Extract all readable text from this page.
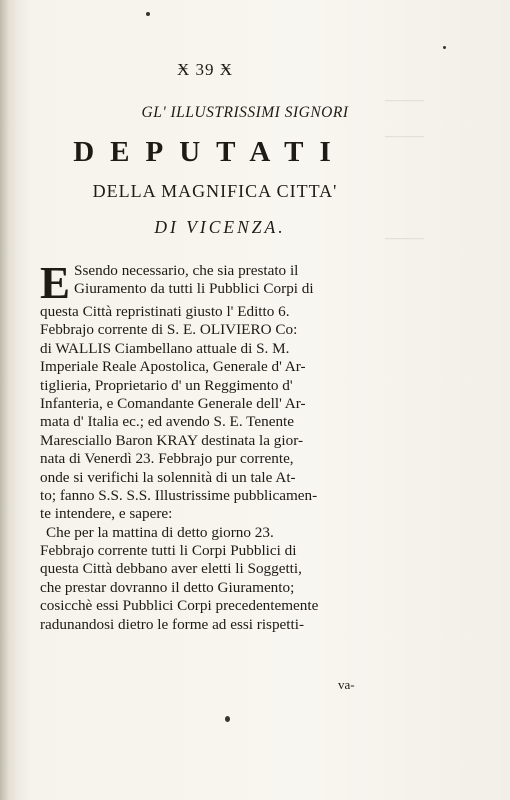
———
———
———
Ӿ 39 Ӿ
GL' ILLUSTRISSIMI SIGNORI
DEPUTATI
DELLA MAGNIFICA CITTA'
DI VICENZA.
E Ssendo necessario, che sia prestato il
Giuramento da tutti li Pubblici Corpi di
questa Città repristinati giusto l' Editto 6.
Febbrajo corrente di S. E. OLIVIERO Co:
di WALLIS Ciambellano attuale di S. M.
Imperiale Reale Apostolica, Generale d' Ar-
tiglieria, Proprietario d' un Reggimento d'
Infanteria, e Comandante Generale dell' Ar-
mata d' Italia ec.; ed avendo S. E. Tenente
Maresciallo Baron KRAY destinata la gior-
nata di Venerdì 23. Febbrajo pur corrente,
onde si verifichi la solennità di un tale At-
to; fanno S.S. S.S. Illustrissime pubblicamen-
te intendere, e sapere:
Che per la mattina di detto giorno 23.
Febbrajo corrente tutti li Corpi Pubblici di
questa Città debbano aver eletti li Soggetti,
che prestar dovranno il detto Giuramento;
cosicchè essi Pubblici Corpi precedentemente
radunandosi dietro le forme ad essi rispetti-
va-
